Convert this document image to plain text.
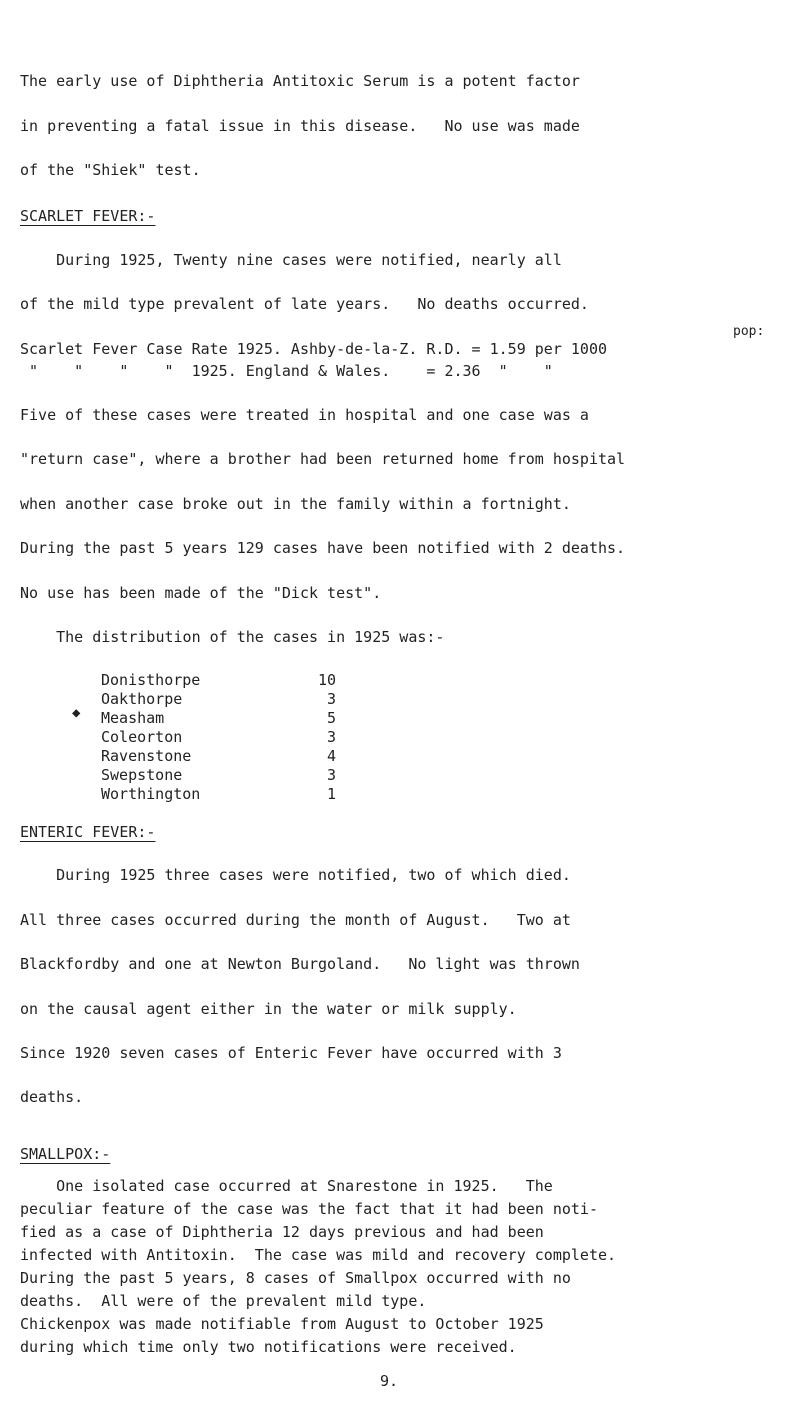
The early use of Diphtheria Antitoxic Serum is a potent factor
in preventing a fatal issue in this disease.   No use was made
of the "Shiek" test.
SCARLET FEVER:-
During 1925, Twenty nine cases were notified, nearly all
of the mild type prevalent of late years.   No deaths occurred.
pop:
Scarlet Fever Case Rate 1925. Ashby-de-la-Z. R.D. = 1.59 per 1000
"    "    "    "  1925. England & Wales.    = 2.36  "    "
Five of these cases were treated in hospital and one case was a
"return case", where a brother had been returned home from hospital
when another case broke out in the family within a fortnight.
During the past 5 years 129 cases have been notified with 2 deaths.
No use has been made of the "Dick test".
The distribution of the cases in 1925 was:-
Donisthorpe	10
Oakthorpe	3
Measham	5
Coleorton	3
Ravenstone	4
Swepstone	3
Worthington	1
◆
ENTERIC FEVER:-
During 1925 three cases were notified, two of which died.
All three cases occurred during the month of August.   Two at
Blackfordby and one at Newton Burgoland.   No light was thrown
on the causal agent either in the water or milk supply.
Since 1920 seven cases of Enteric Fever have occurred with 3
deaths.
SMALLPOX:-
One isolated case occurred at Snarestone in 1925.   The
peculiar feature of the case was the fact that it had been noti-
fied as a case of Diphtheria 12 days previous and had been
infected with Antitoxin.  The case was mild and recovery complete.
During the past 5 years, 8 cases of Smallpox occurred with no
deaths.  All were of the prevalent mild type.
Chickenpox was made notifiable from August to October 1925
during which time only two notifications were received.
9.
